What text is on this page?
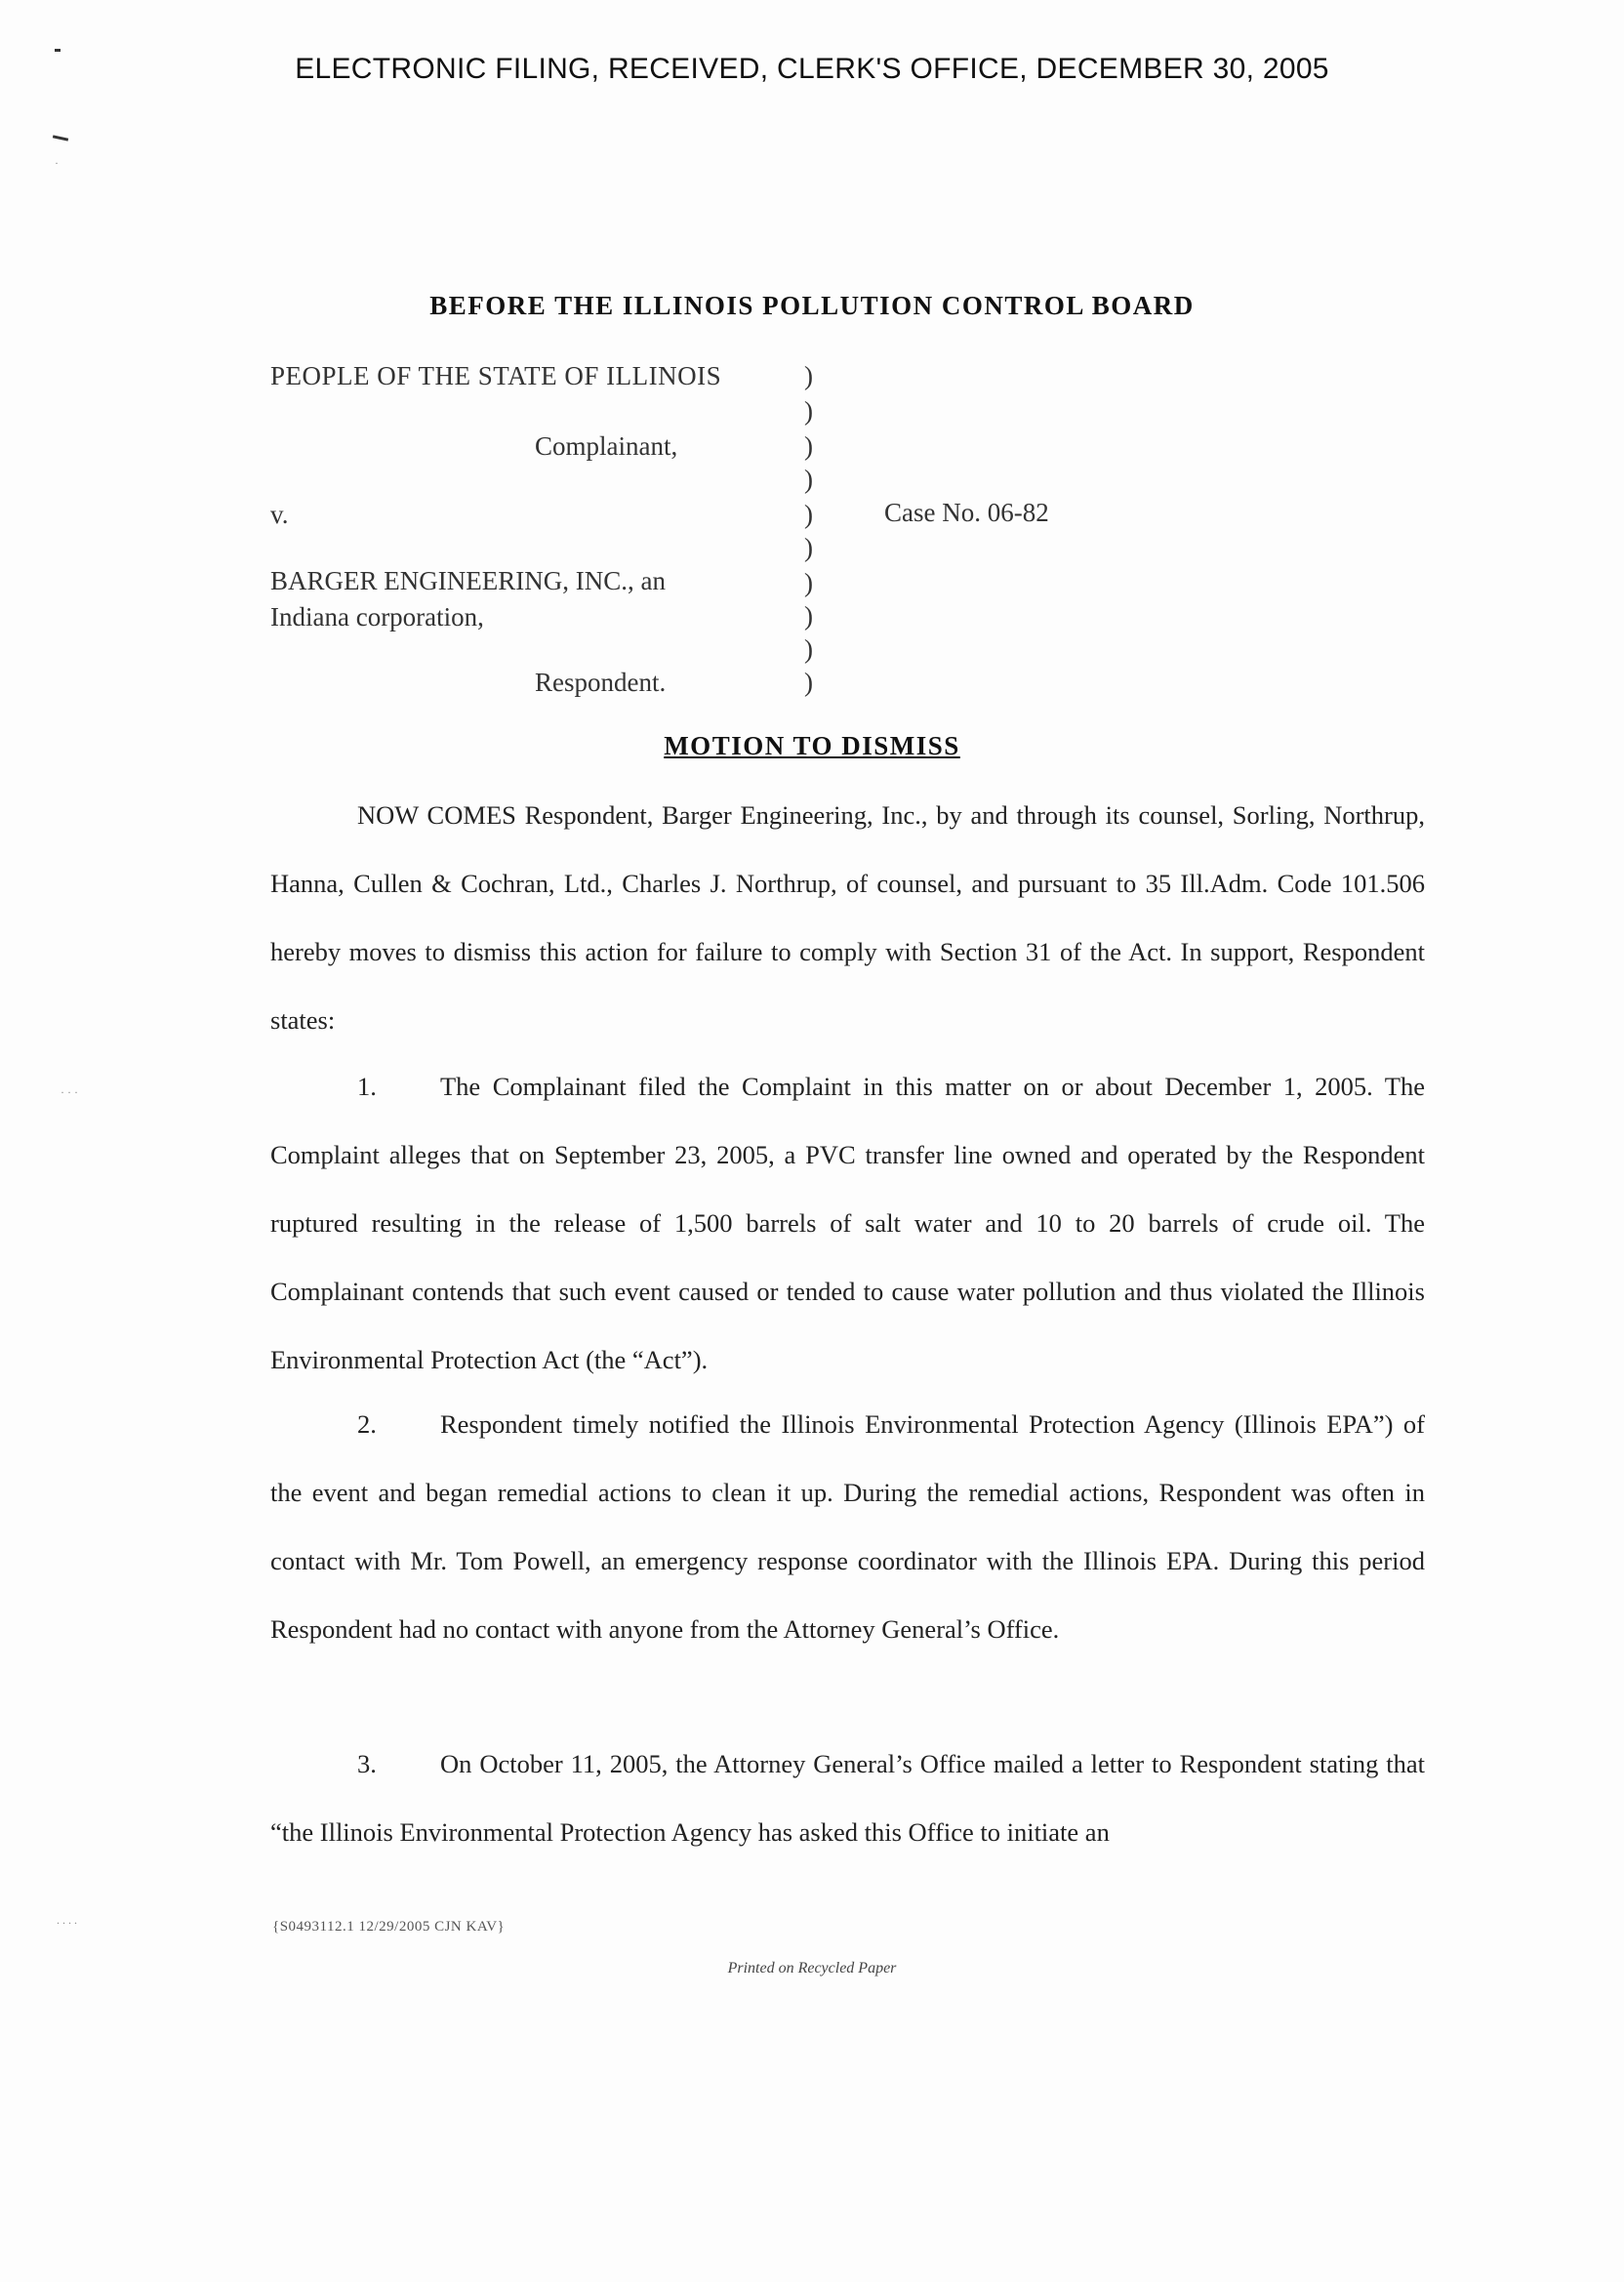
·
· · ·
. . . .
ELECTRONIC FILING, RECEIVED, CLERK'S OFFICE, DECEMBER 30, 2005
BEFORE THE ILLINOIS POLLUTION CONTROL BOARD
PEOPLE OF THE STATE OF ILLINOIS
Complainant,
v.
BARGER ENGINEERING, INC., an
Indiana corporation,
Respondent.
Case No. 06-82
)
)
)
)
)
)
)
)
)
)
MOTION TO DISMISS
NOW COMES Respondent, Barger Engineering, Inc., by and through its counsel, Sorling, Northrup, Hanna, Cullen & Cochran, Ltd., Charles J. Northrup, of counsel, and pursuant to 35 Ill.Adm. Code 101.506 hereby moves to dismiss this action for failure to comply with Section 31 of the Act. In support, Respondent states:
1. The Complainant filed the Complaint in this matter on or about December 1, 2005. The Complaint alleges that on September 23, 2005, a PVC transfer line owned and operated by the Respondent ruptured resulting in the release of 1,500 barrels of salt water and 10 to 20 barrels of crude oil. The Complainant contends that such event caused or tended to cause water pollution and thus violated the Illinois Environmental Protection Act (the “Act”).
2. Respondent timely notified the Illinois Environmental Protection Agency (Illinois EPA”) of the event and began remedial actions to clean it up. During the remedial actions, Respondent was often in contact with Mr. Tom Powell, an emergency response coordinator with the Illinois EPA. During this period Respondent had no contact with anyone from the Attorney General’s Office.
3. On October 11, 2005, the Attorney General’s Office mailed a letter to Respondent stating that “the Illinois Environmental Protection Agency has asked this Office to initiate an
{S0493112.1 12/29/2005 CJN KAV}
Printed on Recycled Paper
